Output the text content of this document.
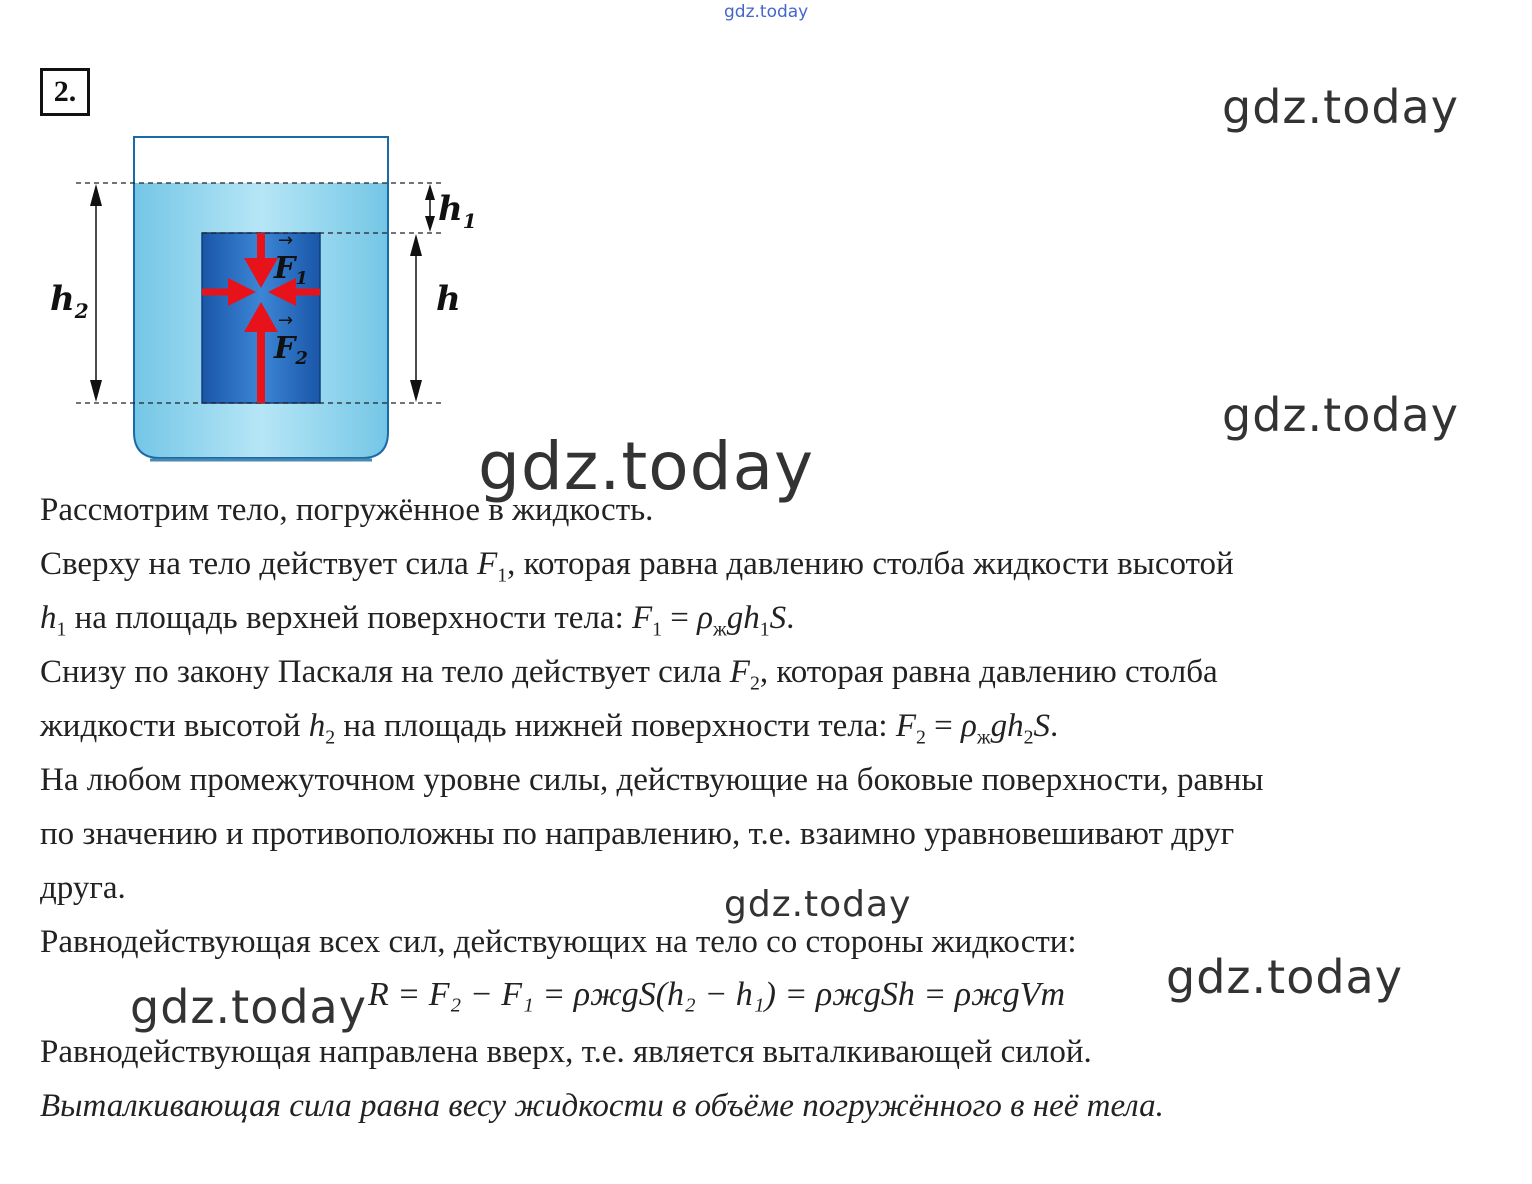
gdz.today
gdz.today
gdz.today
2.
$h_2$
$h_1$
h
$F_1$
→
$F_2$
→
gdz.today
Рассмотрим тело, погружённое в жидкость.
Сверху на тело действует сила $F_1$, которая равна давлению столба жидкости высотой
$h_1$ на площадь верхней поверхности тела: $F_1 = \rho_жgh_1S$.
Снизу по закону Паскаля на тело действует сила $F_2$, которая равна давлению столба
жидкости высотой $h_2$ на площадь нижней поверхности тела: $F_2 = \rho_жgh_2S$.
На любом промежуточном уровне силы, действующие на боковые поверхности, равны
по значению и противоположны по направлению, т.е. взаимно уравновешивают друг
друга.	gdz.today
Равнодействующая всех сил, действующих на тело со стороны жидкости:
R = F₂ − F₁ = ρжgS(h₂ − h₁) = ρжgSh = ρжgVт gdz.today
gdz.today
Равнодействующая направлена вверх, т.е. является выталкивающей силой.
Выталкивающая сила равна весу жидкости в объёме погружённого в неё тела.
